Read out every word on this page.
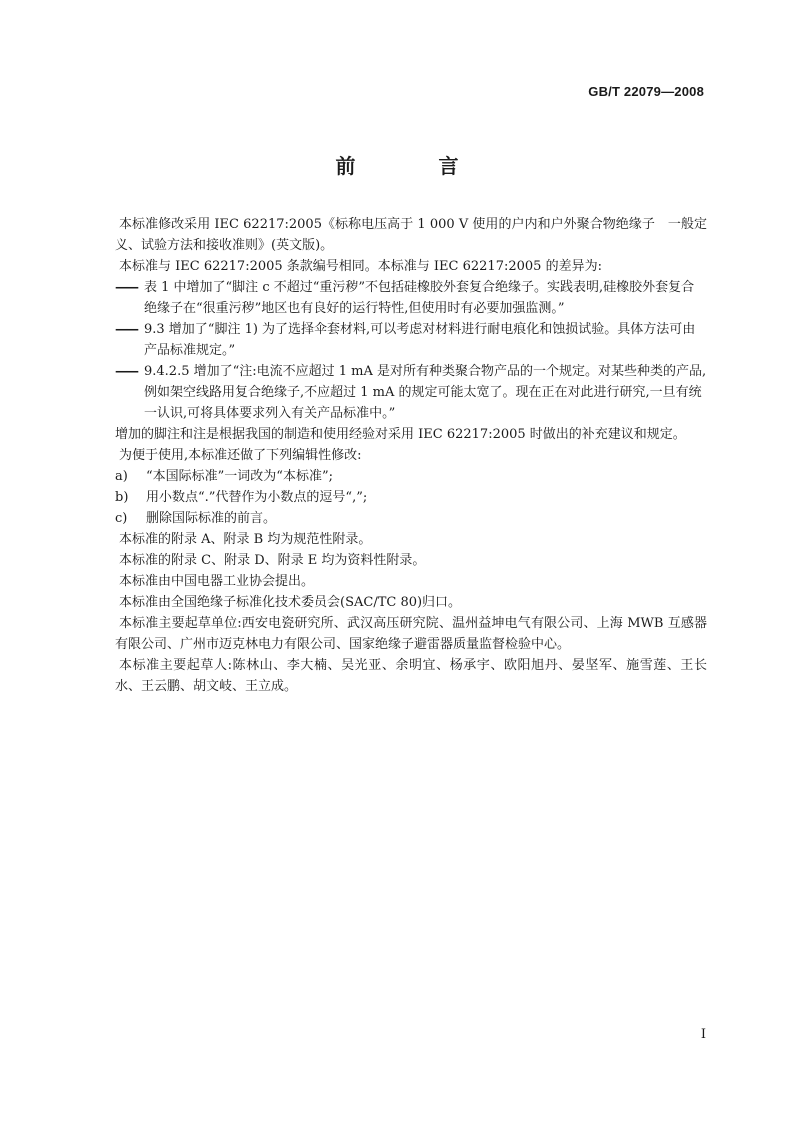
GB/T 22079—2008
前 言

本标准修改采用 IEC 62217:2005《标称电压高于 1 000 V 使用的户内和户外聚合物绝缘子　一般定义、试验方法和接收准则》(英文版)。

本标准与 IEC 62217:2005 条款编号相同。本标准与 IEC 62217:2005 的差异为:

—— 表 1 中增加了“脚注 c 不超过“重污秽”不包括硅橡胶外套复合绝缘子。实践表明,硅橡胶外套复合绝缘子在“很重污秽”地区也有良好的运行特性,但使用时有必要加强监测。”
—— 9.3 增加了“脚注 1) 为了选择伞套材料,可以考虑对材料进行耐电痕化和蚀损试验。具体方法可由产品标准规定。”
—— 9.4.2.5 增加了“注:电流不应超过 1 mA 是对所有种类聚合物产品的一个规定。对某些种类的产品,例如架空线路用复合绝缘子,不应超过 1 mA 的规定可能太宽了。现在正在对此进行研究,一旦有统一认识,可将具体要求列入有关产品标准中。”

增加的脚注和注是根据我国的制造和使用经验对采用 IEC 62217:2005 时做出的补充建议和规定。

为便于使用,本标准还做了下列编辑性修改:

a) “本国际标准”一词改为“本标准”;
b) 用小数点“.”代替作为小数点的逗号“,”;
c) 删除国际标准的前言。

本标准的附录 A、附录 B 均为规范性附录。

本标准的附录 C、附录 D、附录 E 均为资料性附录。

本标准由中国电器工业协会提出。

本标准由全国绝缘子标准化技术委员会(SAC/TC 80)归口。

本标准主要起草单位:西安电瓷研究所、武汉高压研究院、温州益坤电气有限公司、上海 MWB 互感器有限公司、广州市迈克林电力有限公司、国家绝缘子避雷器质量监督检验中心。

本标准主要起草人:陈林山、李大楠、吴光亚、余明宜、杨承宇、欧阳旭丹、晏坚军、施雪莲、王长水、王云鹏、胡文岐、王立成。

I
